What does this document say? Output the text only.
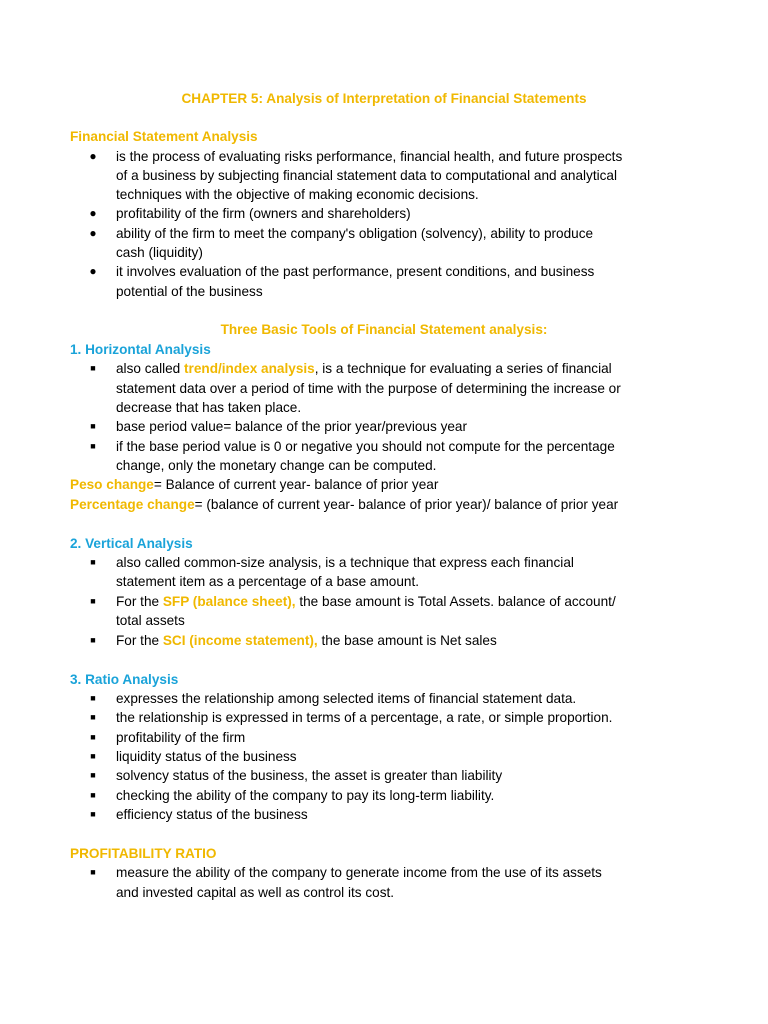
CHAPTER 5: Analysis of Interpretation of Financial Statements
Financial Statement Analysis
● is the process of evaluating risks performance, financial health, and future prospects
of a business by subjecting financial statement data to computational and analytical
techniques with the objective of making economic decisions.
● profitability of the firm (owners and shareholders)
● ability of the firm to meet the company's obligation (solvency), ability to produce
cash (liquidity)
● it involves evaluation of the past performance, present conditions, and business
potential of the business
Three Basic Tools of Financial Statement analysis:
1. Horizontal Analysis
■ also called trend/index analysis, is a technique for evaluating a series of financial
statement data over a period of time with the purpose of determining the increase or
decrease that has taken place.
■ base period value= balance of the prior year/previous year
■ if the base period value is 0 or negative you should not compute for the percentage
change, only the monetary change can be computed.
Peso change= Balance of current year- balance of prior year
Percentage change= (balance of current year- balance of prior year)/ balance of prior year
2. Vertical Analysis
■ also called common-size analysis, is a technique that express each financial
statement item as a percentage of a base amount.
■ For the SFP (balance sheet), the base amount is Total Assets. balance of account/
total assets
■ For the SCI (income statement), the base amount is Net sales
3. Ratio Analysis
■ expresses the relationship among selected items of financial statement data.
■ the relationship is expressed in terms of a percentage, a rate, or simple proportion.
■ profitability of the firm
■ liquidity status of the business
■ solvency status of the business, the asset is greater than liability
■ checking the ability of the company to pay its long-term liability.
■ efficiency status of the business
PROFITABILITY RATIO
■ measure the ability of the company to generate income from the use of its assets
and invested capital as well as control its cost.
